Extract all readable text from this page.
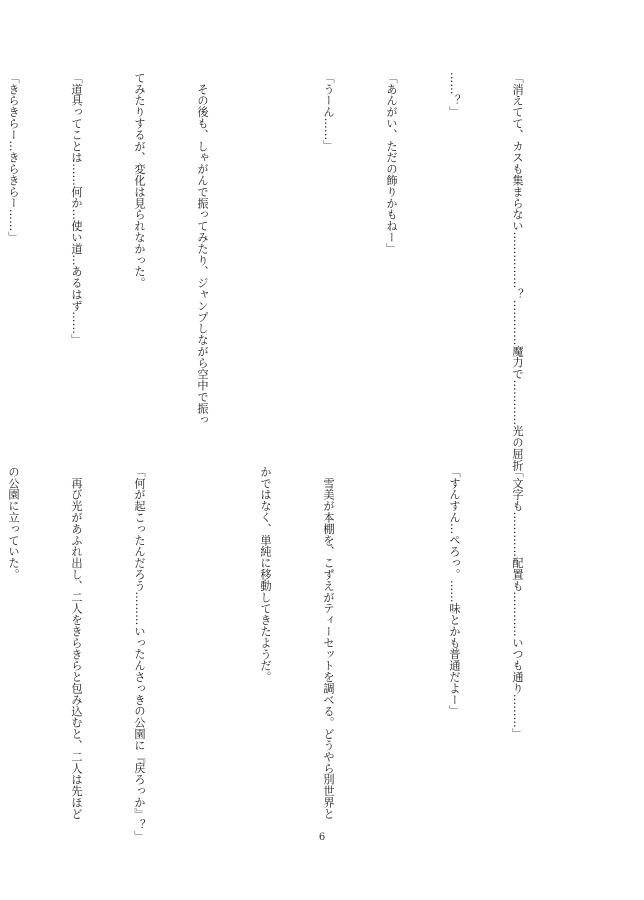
「消えてて、カスも集まらない……………？…………魔力で…………光の屈折

……？」

「あんがい、ただの飾りかもねー」

「うーん……」

　その後も、しゃがんで振ってみたり、ジャンプしながら空中で振っ

てみたりするが、変化は見られなかった。

「道具ってことは……何か…使い道…あるはず……」

「きらきらー…きらきらー……」

「文字も…………配置も…………いつも通り………」

「すんすん…ぺろっ。……味とかも普通だよー」

　雪美が本棚を、こずえがティーセットを調べる。どうやら別世界と

かではなく、単純に移動してきたようだ。

「何が起こったんだろう………いったんさっきの公園に『戻ろっか』？」

　再び光があふれ出し、二人をきらきらと包み込むと、二人は先ほど

の公園に立っていた。

6
